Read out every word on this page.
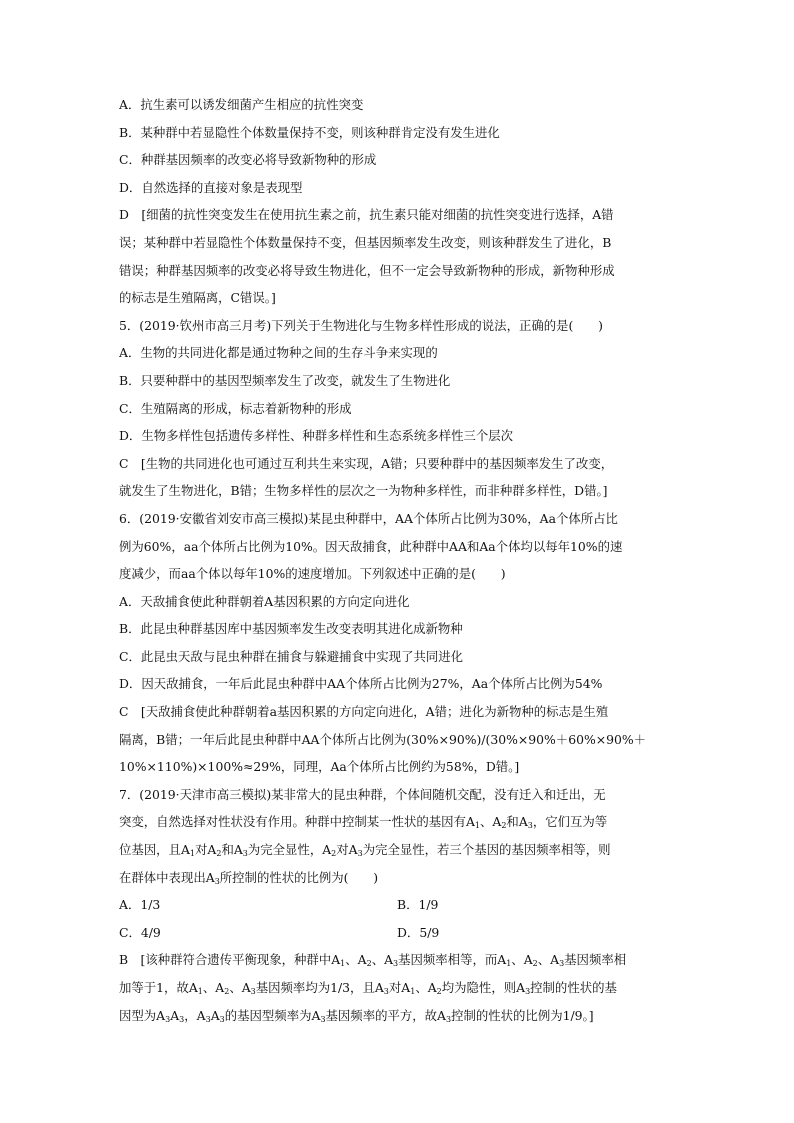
A．抗生素可以诱发细菌产生相应的抗性突变
B．某种群中若显隐性个体数量保持不变，则该种群肯定没有发生进化
C．种群基因频率的改变必将导致新物种的形成
D．自然选择的直接对象是表现型
D　[细菌的抗性突变发生在使用抗生素之前，抗生素只能对细菌的抗性突变进行选择，A错
误；某种群中若显隐性个体数量保持不变，但基因频率发生改变，则该种群发生了进化，B
错误；种群基因频率的改变必将导致生物进化，但不一定会导致新物种的形成，新物种形成
的标志是生殖隔离，C错误。]
5．(2019·钦州市高三月考)下列关于生物进化与生物多样性形成的说法，正确的是(　　)
A．生物的共同进化都是通过物种之间的生存斗争来实现的
B．只要种群中的基因型频率发生了改变，就发生了生物进化
C．生殖隔离的形成，标志着新物种的形成
D．生物多样性包括遗传多样性、种群多样性和生态系统多样性三个层次
C　[生物的共同进化也可通过互利共生来实现，A错；只要种群中的基因频率发生了改变，
就发生了生物进化，B错；生物多样性的层次之一为物种多样性，而非种群多样性，D错。]
6．(2019·安徽省刘安市高三模拟)某昆虫种群中，AA个体所占比例为30%，Aa个体所占比
例为60%，aa个体所占比例为10%。因天敌捕食，此种群中AA和Aa个体均以每年10%的速
度减少，而aa个体以每年10%的速度增加。下列叙述中正确的是(　　)
A．天敌捕食使此种群朝着A基因积累的方向定向进化
B．此昆虫种群基因库中基因频率发生改变表明其进化成新物种
C．此昆虫天敌与昆虫种群在捕食与躲避捕食中实现了共同进化
D．因天敌捕食，一年后此昆虫种群中AA个体所占比例为27%，Aa个体所占比例为54%
C　[天敌捕食使此种群朝着a基因积累的方向定向进化，A错；进化为新物种的标志是生殖
隔离，B错；一年后此昆虫种群中AA个体所占比例为(30%×90%)/(30%×90%＋60%×90%＋
10%×110%)×100%≈29%，同理，Aa个体所占比例约为58%，D错。]
7．(2019·天津市高三模拟)某非常大的昆虫种群，个体间随机交配，没有迁入和迁出，无
突变，自然选择对性状没有作用。种群中控制某一性状的基因有$A_1$、$A_2$和$A_3$，它们互为等
位基因，且$A_1$对$A_2$和$A_3$为完全显性，$A_2$对$A_3$为完全显性，若三个基因的基因频率相等，则
在群体中表现出$A_3$所控制的性状的比例为(　　)
A．1/3	B．1/9
C．4/9	D．5/9
B　[该种群符合遗传平衡现象，种群中$A_1$、$A_2$、$A_3$基因频率相等，而$A_1$、$A_2$、$A_3$基因频率相
加等于1，故$A_1$、$A_2$、$A_3$基因频率均为1/3，且$A_3$对$A_1$、$A_2$均为隐性，则$A_3$控制的性状的基
因型为$A_3A_3$，$A_3A_3$的基因型频率为$A_3$基因频率的平方，故$A_3$控制的性状的比例为1/9。]
